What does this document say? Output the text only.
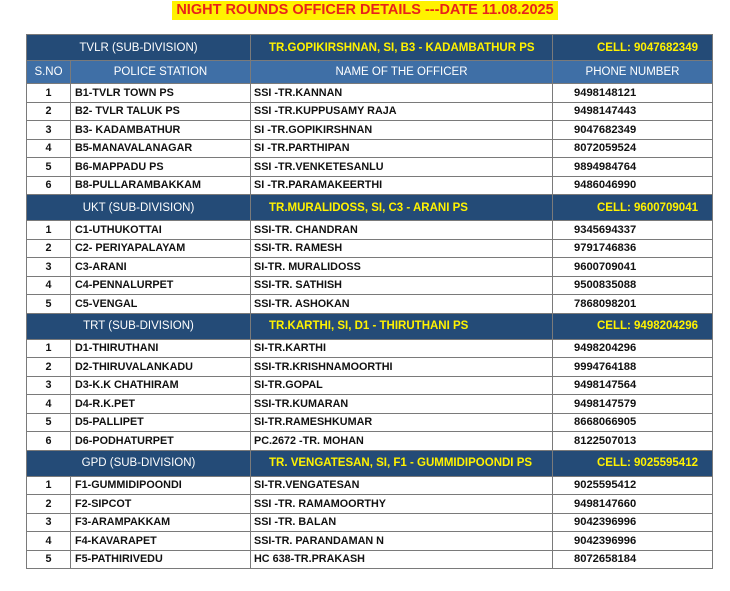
NIGHT ROUNDS OFFICER DETAILS ---DATE 11.08.2025
TVLR (SUB-DIVISION)		TR.GOPIKIRSHNAN, SI, B3 - KADAMBATHUR PS	CELL: 9047682349
S.NO	POLICE STATION	NAME OF THE OFFICER	PHONE NUMBER
1	B1-TVLR TOWN PS	SSI -TR.KANNAN	9498148121
2	B2- TVLR TALUK PS	SSI -TR.KUPPUSAMY RAJA	9498147443
3	B3- KADAMBATHUR	SI -TR.GOPIKIRSHNAN	9047682349
4	B5-MANAVALANAGAR	SI -TR.PARTHIPAN	8072059524
5	B6-MAPPADU PS	SSI -TR.VENKETESANLU	9894984764
6	B8-PULLARAMBAKKAM	SI -TR.PARAMAKEERTHI	9486046990
UKT (SUB-DIVISION)		TR.MURALIDOSS, SI, C3 - ARANI PS	CELL: 9600709041
1	C1-UTHUKOTTAI	SSI-TR. CHANDRAN	9345694337
2	C2- PERIYAPALAYAM	SSI-TR. RAMESH	9791746836
3	C3-ARANI	SI-TR. MURALIDOSS	9600709041
4	C4-PENNALURPET	SSI-TR. SATHISH	9500835088
5	C5-VENGAL	SSI-TR. ASHOKAN	7868098201
TRT (SUB-DIVISION)		TR.KARTHI, SI, D1 - THIRUTHANI PS	CELL: 9498204296
1	D1-THIRUTHANI	SI-TR.KARTHI	9498204296
2	D2-THIRUVALANKADU	SSI-TR.KRISHNAMOORTHI	9994764188
3	D3-K.K CHATHIRAM	SI-TR.GOPAL	9498147564
4	D4-R.K.PET	SSI-TR.KUMARAN	9498147579
5	D5-PALLIPET	SI-TR.RAMESHKUMAR	8668066905
6	D6-PODHATURPET	PC.2672 -TR. MOHAN	8122507013
GPD (SUB-DIVISION)		TR. VENGATESAN, SI, F1 - GUMMIDIPOONDI PS	CELL: 9025595412
1	F1-GUMMIDIPOONDI	SI-TR.VENGATESAN	9025595412
2	F2-SIPCOT	SSI -TR. RAMAMOORTHY	9498147660
3	F3-ARAMPAKKAM	SSI -TR. BALAN	9042396996
4	F4-KAVARAPET	SSI-TR. PARANDAMAN N	9042396996
5	F5-PATHIRIVEDU	HC 638-TR.PRAKASH	8072658184
